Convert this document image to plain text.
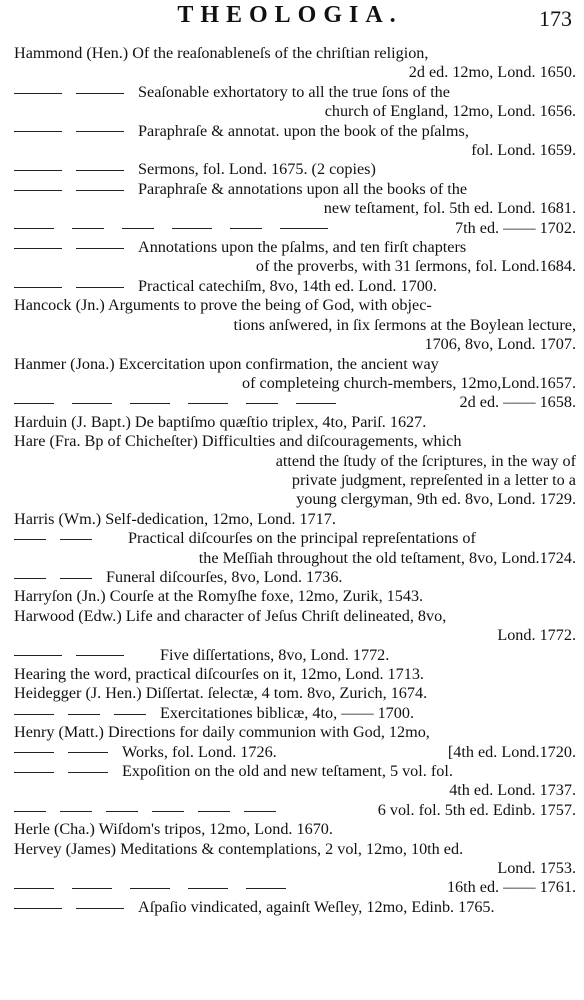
THEOLOGIA.	173
Hammond (Hen.) Of the reaſonableneſs of the chriſtian religion,
2d ed. 12mo, Lond. 1650.
Seaſonable exhortatory to all the true ſons of the
church of England, 12mo, Lond. 1656.
Paraphraſe & annotat. upon the book of the pſalms,
fol. Lond. 1659.
Sermons, fol. Lond. 1675. (2 copies)
Paraphraſe & annotations upon all the books of the
new teſtament, fol. 5th ed. Lond. 1681.
7th ed. —— 1702.
Annotations upon the pſalms, and ten firſt chapters
of the proverbs, with 31 ſermons, fol. Lond.1684.
Practical catechiſm, 8vo, 14th ed. Lond. 1700.
Hancock (Jn.) Arguments to prove the being of God, with objec-
tions anſwered, in ſix ſermons at the Boylean lecture,
1706, 8vo, Lond. 1707.
Hanmer (Jona.) Excercitation upon confirmation, the ancient way
of completeing church-members, 12mo,Lond.1657.
2d ed. —— 1658.
Harduin (J. Bapt.) De baptiſmo quæſtio triplex, 4to, Pariſ. 1627.
Hare (Fra. Bp of Chicheſter) Difficulties and diſcouragements, which
attend the ſtudy of the ſcriptures, in the way of
private judgment, repreſented in a letter to a
young clergyman, 9th ed. 8vo, Lond. 1729.
Harris (Wm.) Self-dedication, 12mo, Lond. 1717.
Practical diſcourſes on the principal repreſentations of
the Meſſiah throughout the old teſtament, 8vo, Lond.1724.
Funeral diſcourſes, 8vo, Lond. 1736.
Harryſon (Jn.) Courſe at the Romyſhe foxe, 12mo, Zurik, 1543.
Harwood (Edw.) Life and character of Jeſus Chriſt delineated, 8vo,
Lond. 1772.
Five diſſertations, 8vo, Lond. 1772.
Hearing the word, practical diſcourſes on it, 12mo, Lond. 1713.
Heidegger (J. Hen.) Diſſertat. ſelectæ, 4 tom. 8vo, Zurich, 1674.
Exercitationes biblicæ, 4to, —— 1700.
Henry (Matt.) Directions for daily communion with God, 12mo,
Works, fol. Lond. 1726.	[4th ed. Lond.1720.
Expoſition on the old and new teſtament, 5 vol. fol.
4th ed. Lond. 1737.
6 vol. fol. 5th ed. Edinb. 1757.
Herle (Cha.) Wiſdom's tripos, 12mo, Lond. 1670.
Hervey (James) Meditations & contemplations, 2 vol, 12mo, 10th ed.
Lond. 1753.
16th ed. —— 1761.
Aſpaſio vindicated, againſt Weſley, 12mo, Edinb. 1765.
